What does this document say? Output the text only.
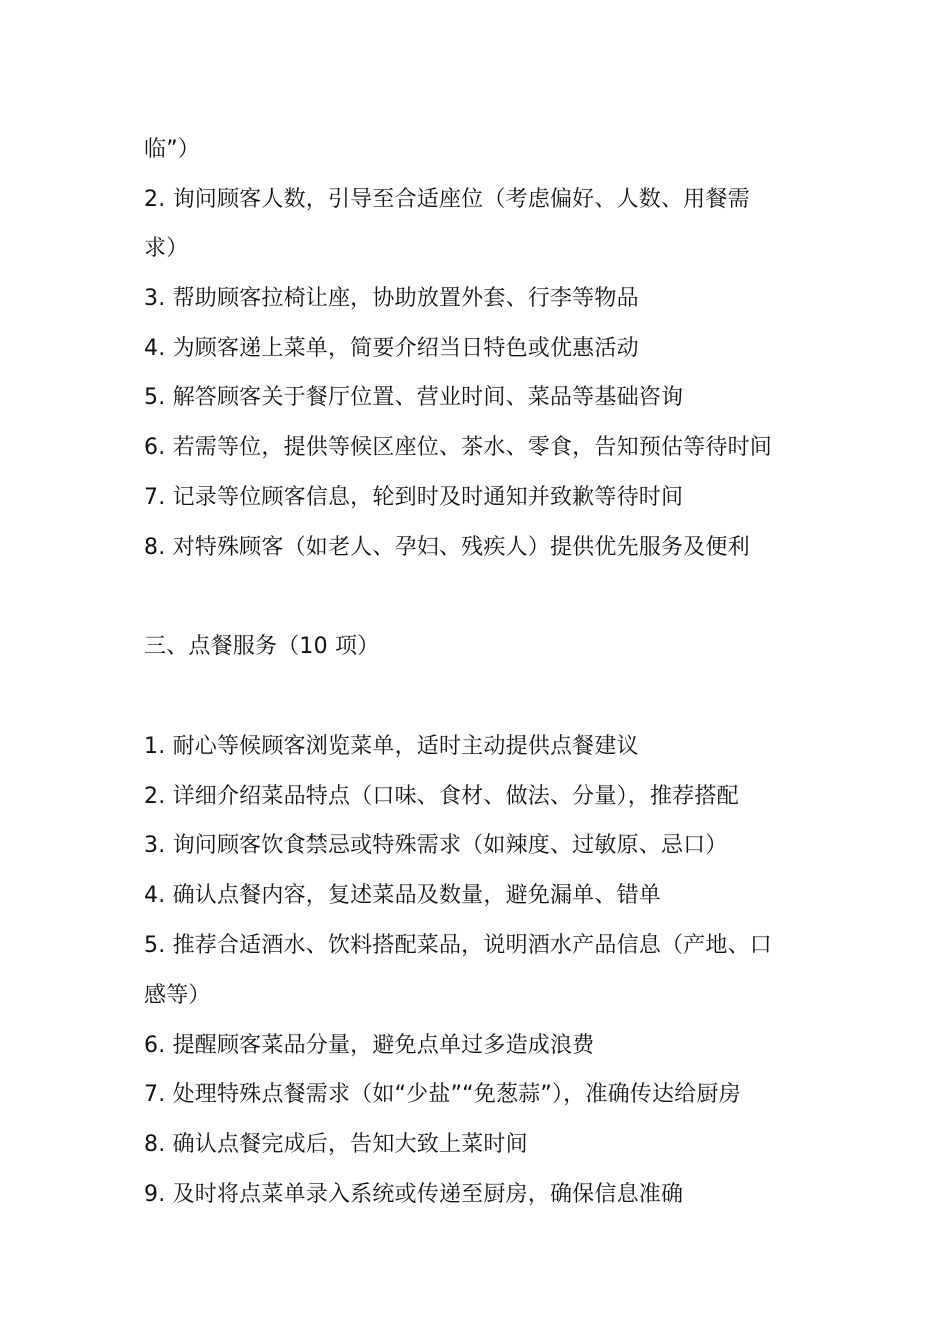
临”）
2. 询问顾客人数，引导至合适座位（考虑偏好、人数、用餐需
求）
3. 帮助顾客拉椅让座，协助放置外套、行李等物品
4. 为顾客递上菜单，简要介绍当日特色或优惠活动
5. 解答顾客关于餐厅位置、营业时间、菜品等基础咨询
6. 若需等位，提供等候区座位、茶水、零食，告知预估等待时间
7. 记录等位顾客信息，轮到时及时通知并致歉等待时间
8. 对特殊顾客（如老人、孕妇、残疾人）提供优先服务及便利
三、点餐服务（10 项）
1. 耐心等候顾客浏览菜单，适时主动提供点餐建议
2. 详细介绍菜品特点（口味、食材、做法、分量），推荐搭配
3. 询问顾客饮食禁忌或特殊需求（如辣度、过敏原、忌口）
4. 确认点餐内容，复述菜品及数量，避免漏单、错单
5. 推荐合适酒水、饮料搭配菜品，说明酒水产品信息（产地、口
感等）
6. 提醒顾客菜品分量，避免点单过多造成浪费
7. 处理特殊点餐需求（如“少盐”“免葱蒜”），准确传达给厨房
8. 确认点餐完成后，告知大致上菜时间
9. 及时将点菜单录入系统或传递至厨房，确保信息准确
